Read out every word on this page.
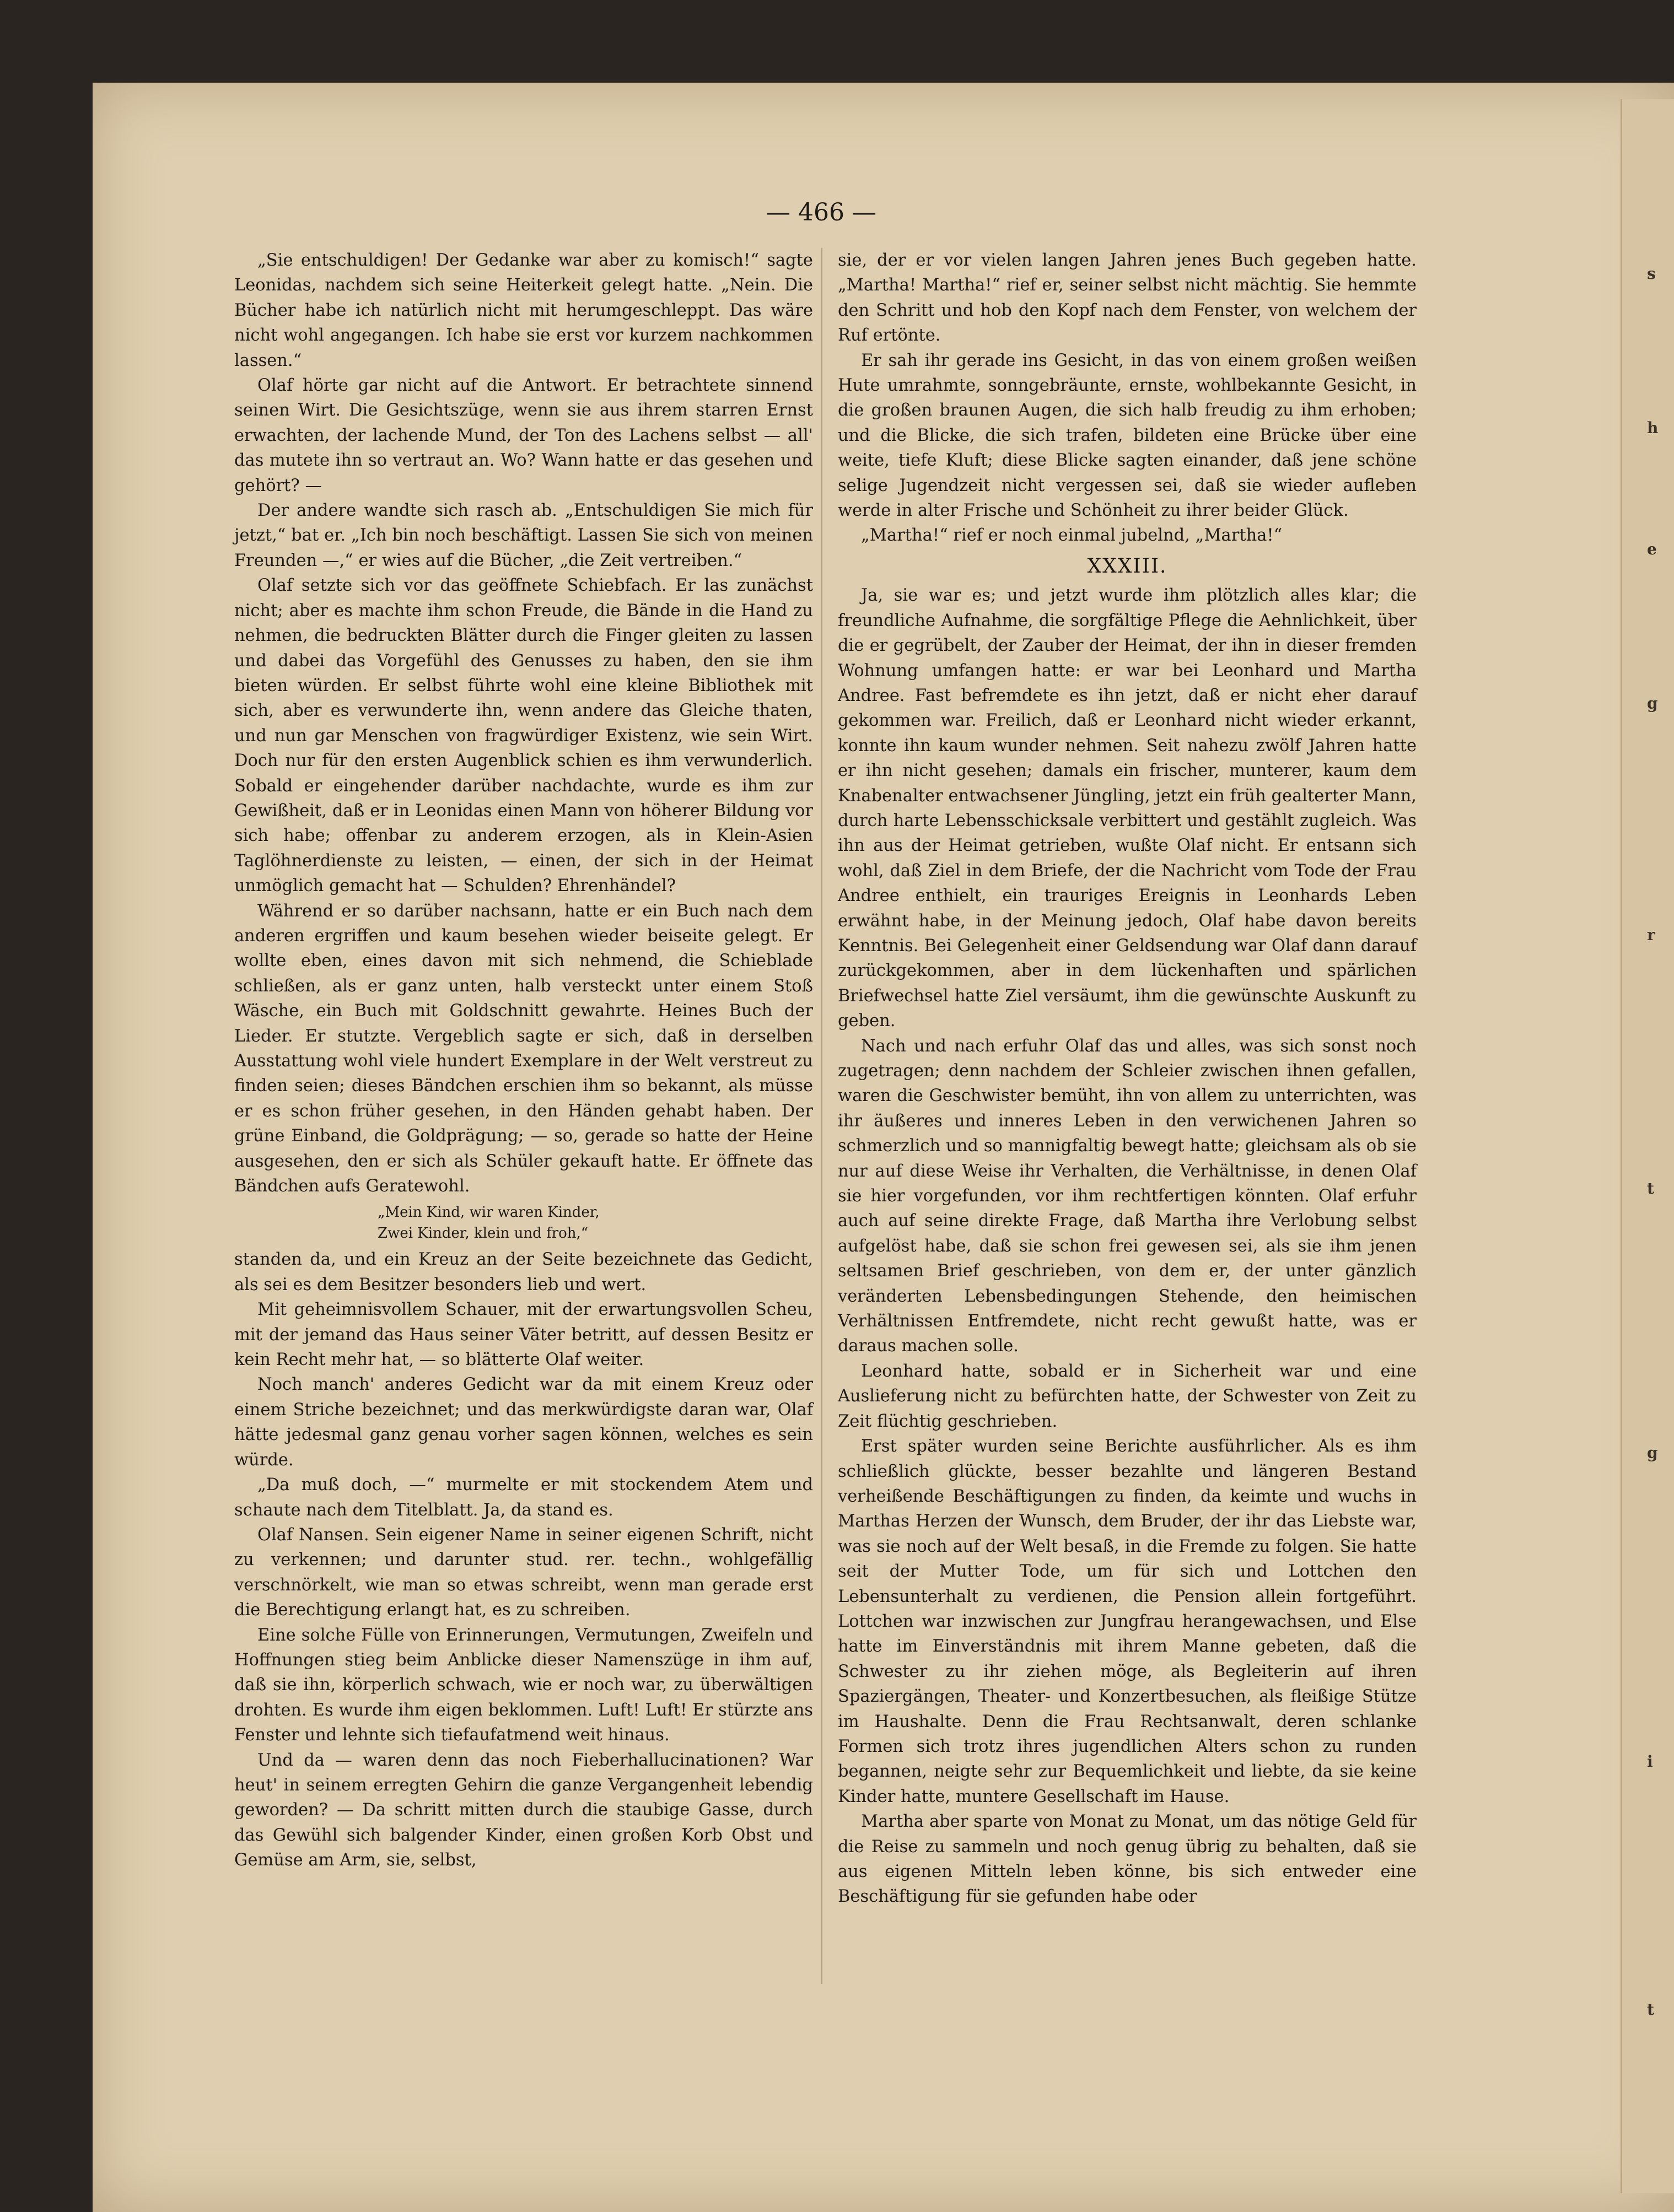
s
h
e
g
r
t
g
i
t
— 466 —

„Sie entschuldigen! Der Gedanke war aber zu komisch!“ sagte Leonidas, nachdem sich seine Heiterkeit gelegt hatte. „Nein. Die Bücher habe ich natürlich nicht mit herumgeschleppt. Das wäre nicht wohl angegangen. Ich habe sie erst vor kurzem nachkommen lassen.“

Olaf hörte gar nicht auf die Antwort. Er betrachtete sinnend seinen Wirt. Die Gesichtszüge, wenn sie aus ihrem starren Ernst erwachten, der lachende Mund, der Ton des Lachens selbst — all' das mutete ihn so vertraut an. Wo? Wann hatte er das gesehen und gehört? —

Der andere wandte sich rasch ab. „Entschuldigen Sie mich für jetzt,“ bat er. „Ich bin noch beschäftigt. Lassen Sie sich von meinen Freunden —,“ er wies auf die Bücher, „die Zeit vertreiben.“

Olaf setzte sich vor das geöffnete Schiebfach. Er las zunächst nicht; aber es machte ihm schon Freude, die Bände in die Hand zu nehmen, die bedruckten Blätter durch die Finger gleiten zu lassen und dabei das Vorgefühl des Genusses zu haben, den sie ihm bieten würden. Er selbst führte wohl eine kleine Bibliothek mit sich, aber es verwunderte ihn, wenn andere das Gleiche thaten, und nun gar Menschen von fragwürdiger Existenz, wie sein Wirt. Doch nur für den ersten Augenblick schien es ihm verwunderlich. Sobald er eingehender darüber nachdachte, wurde es ihm zur Gewißheit, daß er in Leonidas einen Mann von höherer Bildung vor sich habe; offenbar zu anderem erzogen, als in Klein-Asien Taglöhnerdienste zu leisten, — einen, der sich in der Heimat unmöglich gemacht hat — Schulden? Ehrenhändel?

Während er so darüber nachsann, hatte er ein Buch nach dem anderen ergriffen und kaum besehen wieder beiseite gelegt. Er wollte eben, eines davon mit sich nehmend, die Schieblade schließen, als er ganz unten, halb versteckt unter einem Stoß Wäsche, ein Buch mit Goldschnitt gewahrte. Heines Buch der Lieder. Er stutzte. Vergeblich sagte er sich, daß in derselben Ausstattung wohl viele hundert Exemplare in der Welt verstreut zu finden seien; dieses Bändchen erschien ihm so bekannt, als müsse er es schon früher gesehen, in den Händen gehabt haben. Der grüne Einband, die Goldprägung; — so, gerade so hatte der Heine ausgesehen, den er sich als Schüler gekauft hatte. Er öffnete das Bändchen aufs Geratewohl.

„Mein Kind, wir waren Kinder,
Zwei Kinder, klein und froh,“

standen da, und ein Kreuz an der Seite bezeichnete das Gedicht, als sei es dem Besitzer besonders lieb und wert.

Mit geheimnisvollem Schauer, mit der erwartungsvollen Scheu, mit der jemand das Haus seiner Väter betritt, auf dessen Besitz er kein Recht mehr hat, — so blätterte Olaf weiter.

Noch manch' anderes Gedicht war da mit einem Kreuz oder einem Striche bezeichnet; und das merkwürdigste daran war, Olaf hätte jedesmal ganz genau vorher sagen können, welches es sein würde.

„Da muß doch, —“ murmelte er mit stockendem Atem und schaute nach dem Titelblatt. Ja, da stand es.

Olaf Nansen. Sein eigener Name in seiner eigenen Schrift, nicht zu verkennen; und darunter stud. rer. techn., wohlgefällig verschnörkelt, wie man so etwas schreibt, wenn man gerade erst die Berechtigung erlangt hat, es zu schreiben.

Eine solche Fülle von Erinnerungen, Vermutungen, Zweifeln und Hoffnungen stieg beim Anblicke dieser Namenszüge in ihm auf, daß sie ihn, körperlich schwach, wie er noch war, zu überwältigen drohten. Es wurde ihm eigen beklommen. Luft! Luft! Er stürzte ans Fenster und lehnte sich tiefaufatmend weit hinaus.

Und da — waren denn das noch Fieberhallucinationen? War heut' in seinem erregten Gehirn die ganze Vergangenheit lebendig geworden? — Da schritt mitten durch die staubige Gasse, durch das Gewühl sich balgender Kinder, einen großen Korb Obst und Gemüse am Arm, sie, selbst,

sie, der er vor vielen langen Jahren jenes Buch gegeben hatte. „Martha! Martha!“ rief er, seiner selbst nicht mächtig. Sie hemmte den Schritt und hob den Kopf nach dem Fenster, von welchem der Ruf ertönte.

Er sah ihr gerade ins Gesicht, in das von einem großen weißen Hute umrahmte, sonngebräunte, ernste, wohlbekannte Gesicht, in die großen braunen Augen, die sich halb freudig zu ihm erhoben; und die Blicke, die sich trafen, bildeten eine Brücke über eine weite, tiefe Kluft; diese Blicke sagten einander, daß jene schöne selige Jugendzeit nicht vergessen sei, daß sie wieder aufleben werde in alter Frische und Schönheit zu ihrer beider Glück.

„Martha!“ rief er noch einmal jubelnd, „Martha!“

XXXIII.

Ja, sie war es; und jetzt wurde ihm plötzlich alles klar; die freundliche Aufnahme, die sorgfältige Pflege die Aehnlichkeit, über die er gegrübelt, der Zauber der Heimat, der ihn in dieser fremden Wohnung umfangen hatte: er war bei Leonhard und Martha Andree. Fast befremdete es ihn jetzt, daß er nicht eher darauf gekommen war. Freilich, daß er Leonhard nicht wieder erkannt, konnte ihn kaum wunder nehmen. Seit nahezu zwölf Jahren hatte er ihn nicht gesehen; damals ein frischer, munterer, kaum dem Knabenalter entwachsener Jüngling, jetzt ein früh gealterter Mann, durch harte Lebensschicksale verbittert und gestählt zugleich. Was ihn aus der Heimat getrieben, wußte Olaf nicht. Er entsann sich wohl, daß Ziel in dem Briefe, der die Nachricht vom Tode der Frau Andree enthielt, ein trauriges Ereignis in Leonhards Leben erwähnt habe, in der Meinung jedoch, Olaf habe davon bereits Kenntnis. Bei Gelegenheit einer Geldsendung war Olaf dann darauf zurückgekommen, aber in dem lückenhaften und spärlichen Briefwechsel hatte Ziel versäumt, ihm die gewünschte Auskunft zu geben.

Nach und nach erfuhr Olaf das und alles, was sich sonst noch zugetragen; denn nachdem der Schleier zwischen ihnen gefallen, waren die Geschwister bemüht, ihn von allem zu unterrichten, was ihr äußeres und inneres Leben in den verwichenen Jahren so schmerzlich und so mannigfaltig bewegt hatte; gleichsam als ob sie nur auf diese Weise ihr Verhalten, die Verhältnisse, in denen Olaf sie hier vorgefunden, vor ihm rechtfertigen könnten. Olaf erfuhr auch auf seine direkte Frage, daß Martha ihre Verlobung selbst aufgelöst habe, daß sie schon frei gewesen sei, als sie ihm jenen seltsamen Brief geschrieben, von dem er, der unter gänzlich veränderten Lebensbedingungen Stehende, den heimischen Verhältnissen Entfremdete, nicht recht gewußt hatte, was er daraus machen solle.

Leonhard hatte, sobald er in Sicherheit war und eine Auslieferung nicht zu befürchten hatte, der Schwester von Zeit zu Zeit flüchtig geschrieben.

Erst später wurden seine Berichte ausführlicher. Als es ihm schließlich glückte, besser bezahlte und längeren Bestand verheißende Beschäftigungen zu finden, da keimte und wuchs in Marthas Herzen der Wunsch, dem Bruder, der ihr das Liebste war, was sie noch auf der Welt besaß, in die Fremde zu folgen. Sie hatte seit der Mutter Tode, um für sich und Lottchen den Lebensunterhalt zu verdienen, die Pension allein fortgeführt. Lottchen war inzwischen zur Jungfrau herangewachsen, und Else hatte im Einverständnis mit ihrem Manne gebeten, daß die Schwester zu ihr ziehen möge, als Begleiterin auf ihren Spaziergängen, Theater- und Konzertbesuchen, als fleißige Stütze im Haushalte. Denn die Frau Rechtsanwalt, deren schlanke Formen sich trotz ihres jugendlichen Alters schon zu runden begannen, neigte sehr zur Bequemlichkeit und liebte, da sie keine Kinder hatte, muntere Gesellschaft im Hause.

Martha aber sparte von Monat zu Monat, um das nötige Geld für die Reise zu sammeln und noch genug übrig zu behalten, daß sie aus eigenen Mitteln leben könne, bis sich entweder eine Beschäftigung für sie gefunden habe oder
